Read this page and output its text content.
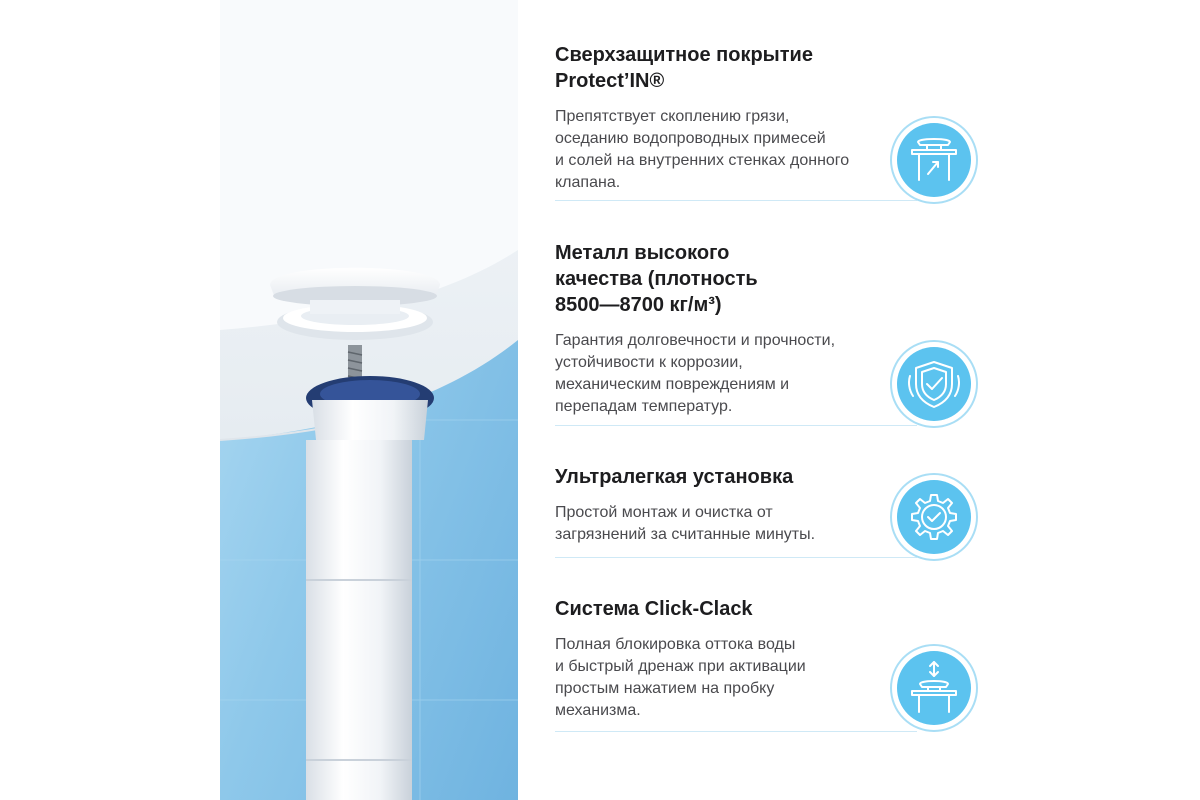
Сверхзащитное покрытие
Protect’IN®

Препятствует скоплению грязи,
оседанию водопроводных примесей
и солей на внутренних стенках донного
клапана.

Металл высокого
качества (плотность
8500—8700 кг/м³)

Гарантия долговечности и прочности,
устойчивости к коррозии,
механическим повреждениям и
перепадам температур.

Ультралегкая установка

Простой монтаж и очистка от
загрязнений за считанные минуты.

Система Click-Clack

Полная блокировка оттока воды
и быстрый дренаж при активации
простым нажатием на пробку
механизма.
